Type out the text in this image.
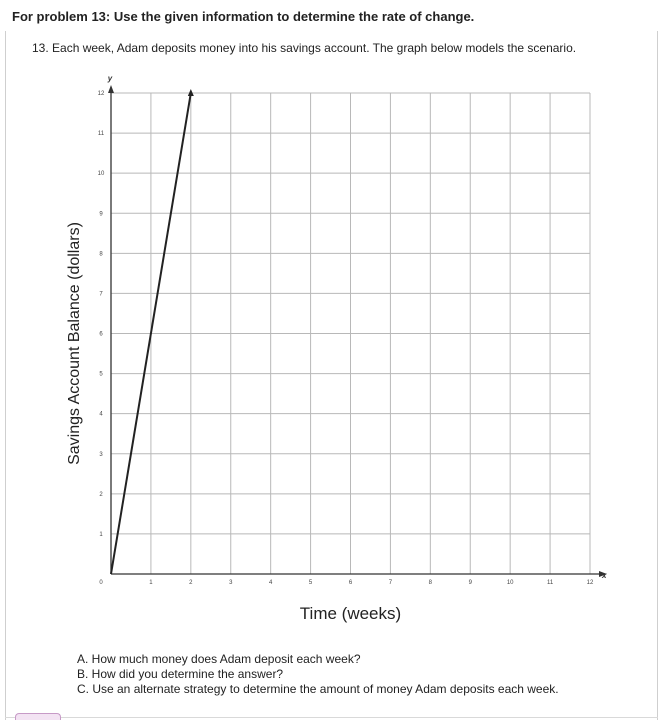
For problem 13: Use the given information to determine the rate of change.
13. Each week, Adam deposits money into his savings account. The graph below models the scenario.
x
y
0	1	2	3	4	5	6	7	8	9	10	11	12
1
2
3
4
5
6
7
8
9
10
11
12
Time (weeks)
Savings Account Balance (dollars)
A. How much money does Adam deposit each week?
B. How did you determine the answer?
C. Use an alternate strategy to determine the amount of money Adam deposits each week.
